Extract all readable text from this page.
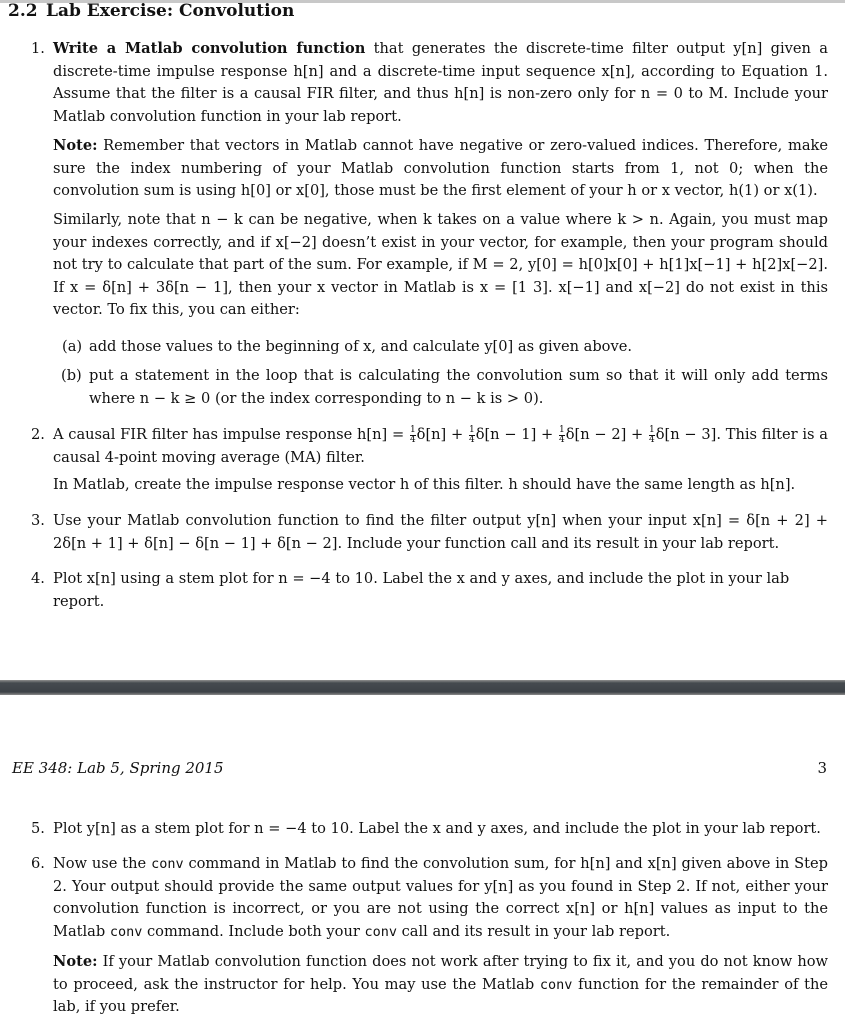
2.2 Lab Exercise: Convolution
1. Write a Matlab convolution function that generates the discrete-time filter output y[n] given a discrete-time impulse response h[n] and a discrete-time input sequence x[n], according to Equation 1. Assume that the filter is a causal FIR filter, and thus h[n] is non-zero only for n = 0 to M. Include your Matlab convolution function in your lab report.

Note: Remember that vectors in Matlab cannot have negative or zero-valued indices. Therefore, make sure the index numbering of your Matlab convolution function starts from 1, not 0; when the convolution sum is using h[0] or x[0], those must be the first element of your h or x vector, h(1) or x(1).

Similarly, note that n − k can be negative, when k takes on a value where k > n. Again, you must map your indexes correctly, and if x[−2] doesn’t exist in your vector, for example, then your program should not try to calculate that part of the sum. For example, if M = 2, y[0] = h[0]x[0] + h[1]x[−1] + h[2]x[−2]. If x = δ[n] + 3δ[n − 1], then your x vector in Matlab is x = [1 3]. x[−1] and x[−2] do not exist in this vector. To fix this, you can either:

(a) add those values to the beginning of x, and calculate y[0] as given above.

(b) put a statement in the loop that is calculating the convolution sum so that it will only add terms where n − k ≥ 0 (or the index corresponding to n − k is > 0).

2. A causal FIR filter has impulse response $h[n] = \frac{1}{4} \delta[n] + \frac{1}{4} \delta[n - 1] + \frac{1}{4} \delta[n - 2] + \frac{1}{4} \delta[n - 3]$. This filter is a causal 4-point moving average (MA) filter.

In Matlab, create the impulse response vector h of this filter. h should have the same length as h[n].

3. Use your Matlab convolution function to find the filter output y[n] when your input x[n] = δ[n + 2] + 2δ[n + 1] + δ[n] − δ[n − 1] + δ[n − 2]. Include your function call and its result in your lab report.

4. Plot x[n] using a stem plot for n = −4 to 10. Label the x and y axes, and include the plot in your lab report.

EE 348: Lab 5, Spring 2015	3
5. Plot y[n] as a stem plot for n = −4 to 10. Label the x and y axes, and include the plot in your lab report.

6. Now use the conv command in Matlab to find the convolution sum, for h[n] and x[n] given above in Step 2. Your output should provide the same output values for y[n] as you found in Step 2. If not, either your convolution function is incorrect, or you are not using the correct x[n] or h[n] values as input to the Matlab conv command. Include both your conv call and its result in your lab report.

Note: If your Matlab convolution function does not work after trying to fix it, and you do not know how to proceed, ask the instructor for help. You may use the Matlab conv function for the remainder of the lab, if you prefer.
